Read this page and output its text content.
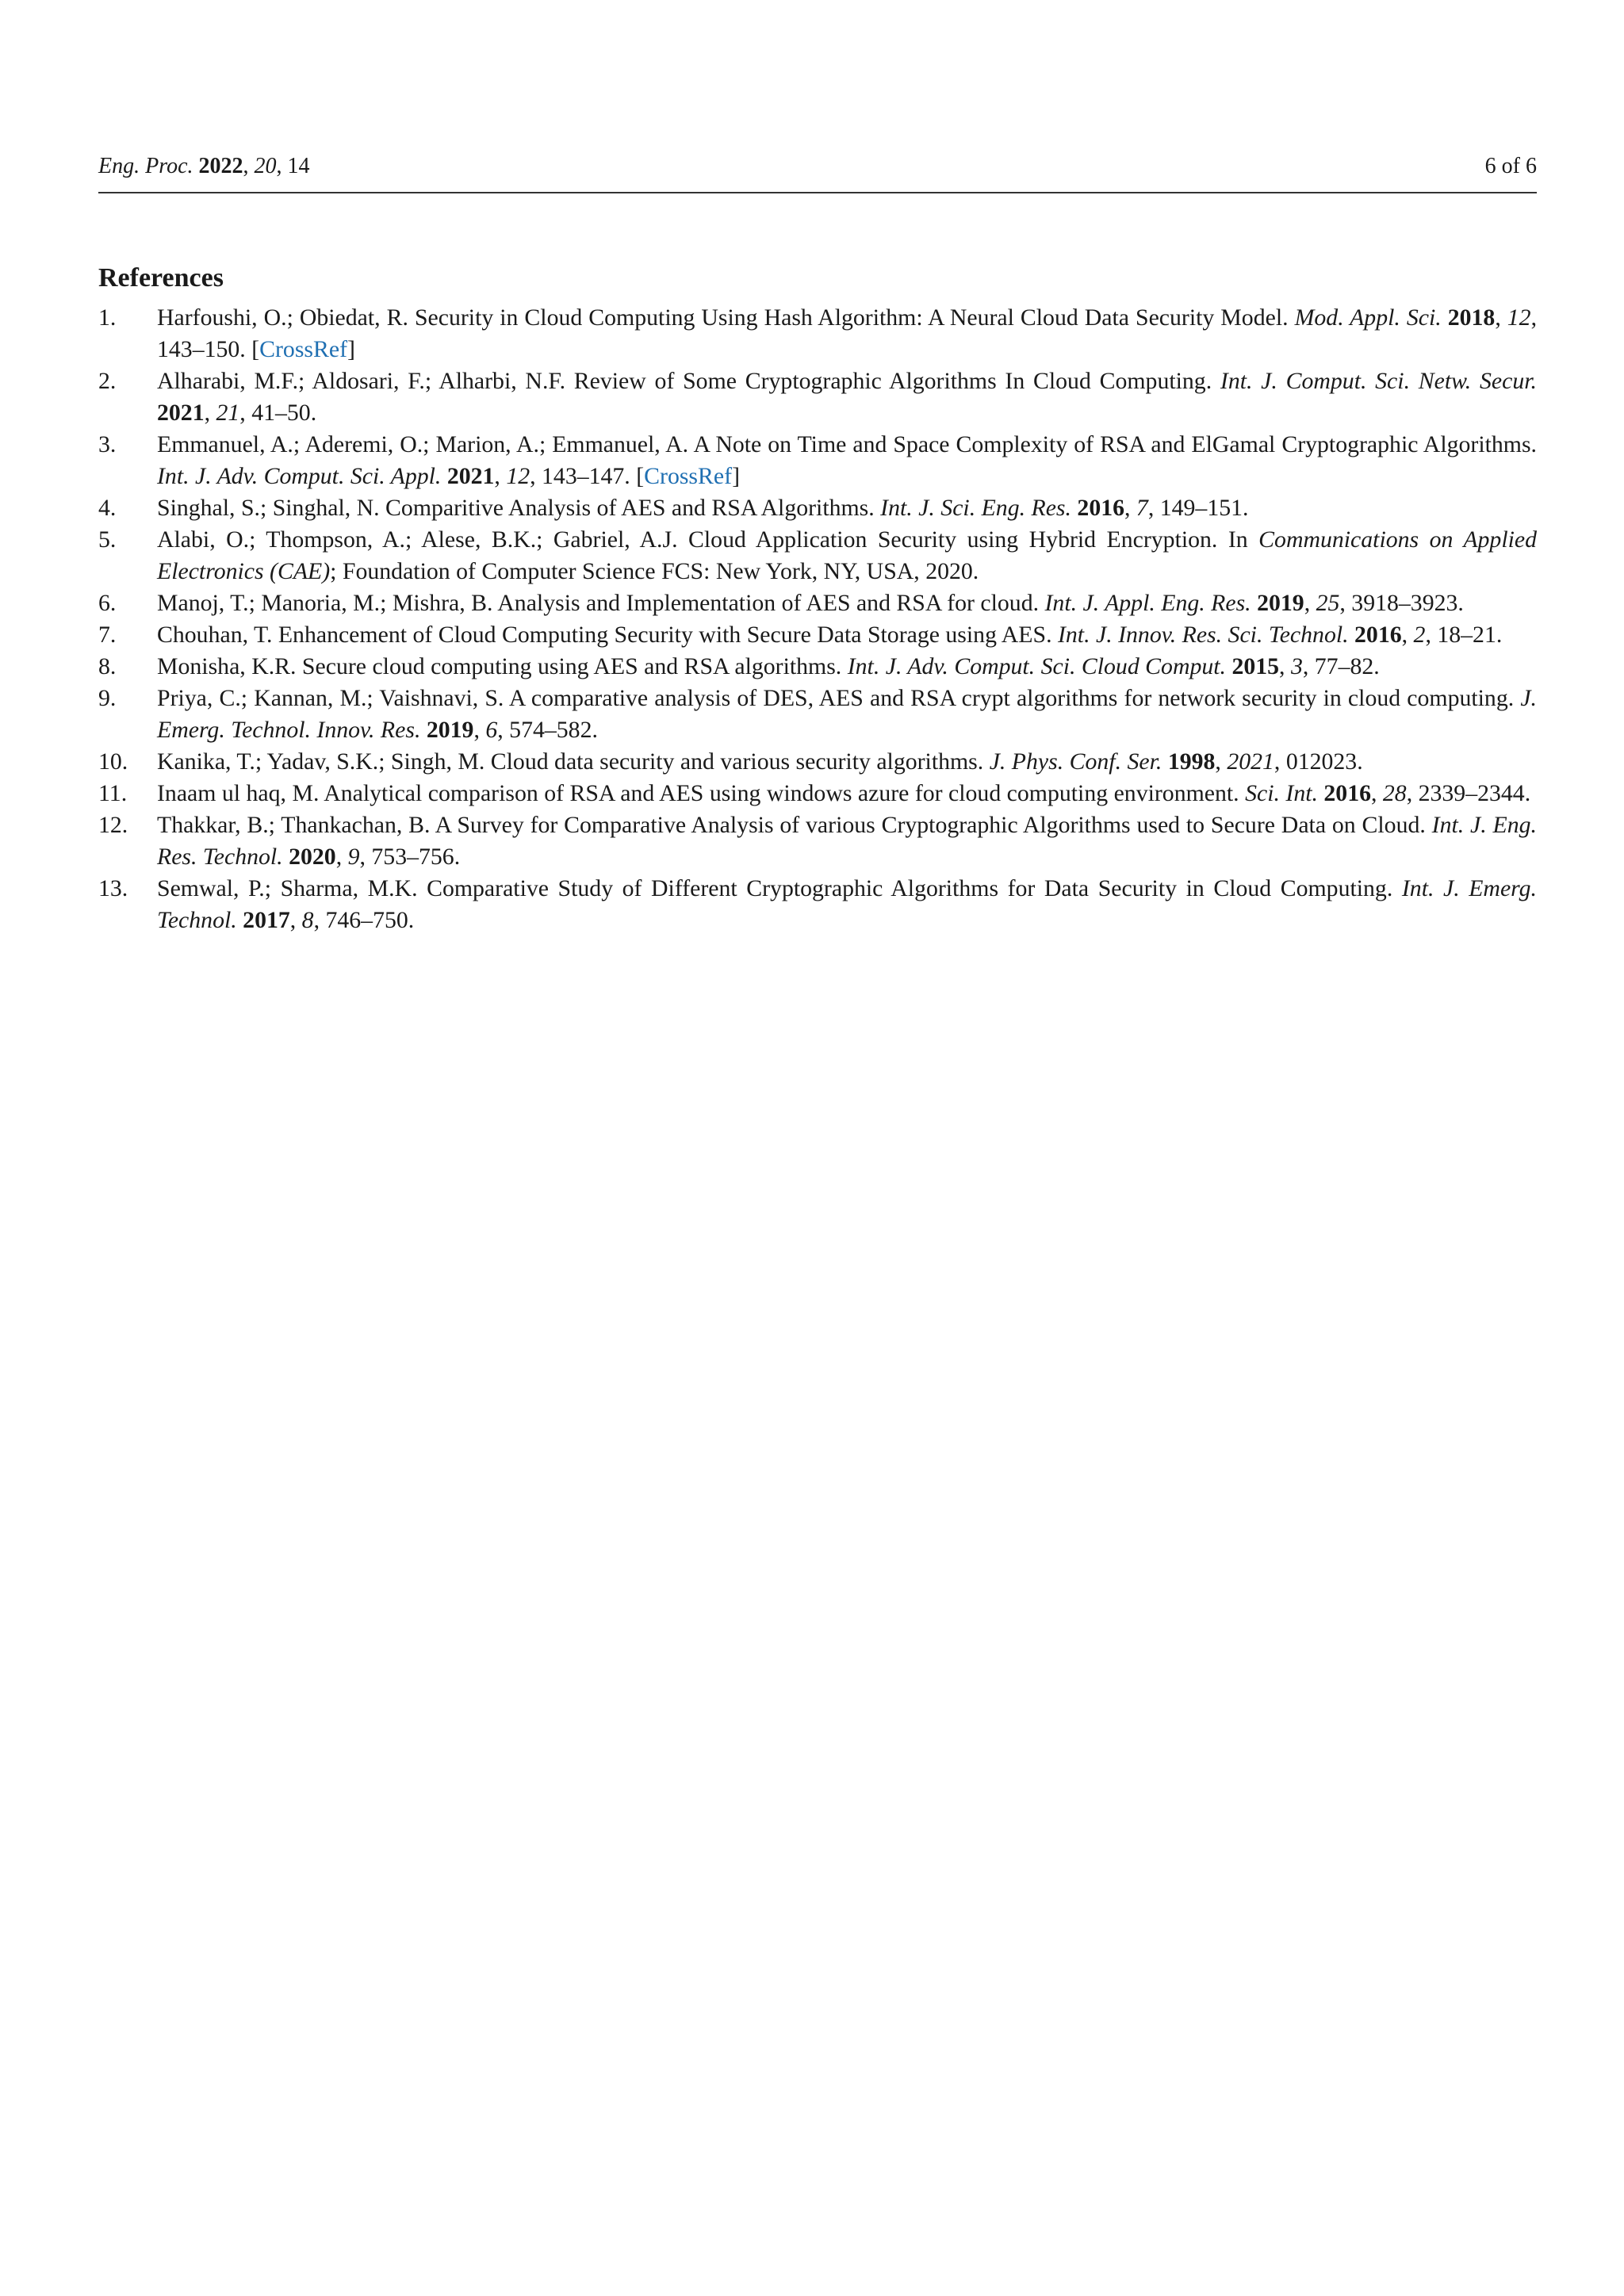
Eng. Proc. 2022, 20, 14	6 of 6
References
1. Harfoushi, O.; Obiedat, R. Security in Cloud Computing Using Hash Algorithm: A Neural Cloud Data Security Model. Mod. Appl. Sci. 2018, 12, 143–150. [CrossRef]
2. Alharabi, M.F.; Aldosari, F.; Alharbi, N.F. Review of Some Cryptographic Algorithms In Cloud Computing. Int. J. Comput. Sci. Netw. Secur. 2021, 21, 41–50.
3. Emmanuel, A.; Aderemi, O.; Marion, A.; Emmanuel, A. A Note on Time and Space Complexity of RSA and ElGamal Cryptographic Algorithms. Int. J. Adv. Comput. Sci. Appl. 2021, 12, 143–147. [CrossRef]
4. Singhal, S.; Singhal, N. Comparitive Analysis of AES and RSA Algorithms. Int. J. Sci. Eng. Res. 2016, 7, 149–151.
5. Alabi, O.; Thompson, A.; Alese, B.K.; Gabriel, A.J. Cloud Application Security using Hybrid Encryption. In Communications on Applied Electronics (CAE); Foundation of Computer Science FCS: New York, NY, USA, 2020.
6. Manoj, T.; Manoria, M.; Mishra, B. Analysis and Implementation of AES and RSA for cloud. Int. J. Appl. Eng. Res. 2019, 25, 3918–3923.
7. Chouhan, T. Enhancement of Cloud Computing Security with Secure Data Storage using AES. Int. J. Innov. Res. Sci. Technol. 2016, 2, 18–21.
8. Monisha, K.R. Secure cloud computing using AES and RSA algorithms. Int. J. Adv. Comput. Sci. Cloud Comput. 2015, 3, 77–82.
9. Priya, C.; Kannan, M.; Vaishnavi, S. A comparative analysis of DES, AES and RSA crypt algorithms for network security in cloud computing. J. Emerg. Technol. Innov. Res. 2019, 6, 574–582.
10. Kanika, T.; Yadav, S.K.; Singh, M. Cloud data security and various security algorithms. J. Phys. Conf. Ser. 1998, 2021, 012023.
11. Inaam ul haq, M. Analytical comparison of RSA and AES using windows azure for cloud computing environment. Sci. Int. 2016, 28, 2339–2344.
12. Thakkar, B.; Thankachan, B. A Survey for Comparative Analysis of various Cryptographic Algorithms used to Secure Data on Cloud. Int. J. Eng. Res. Technol. 2020, 9, 753–756.
13. Semwal, P.; Sharma, M.K. Comparative Study of Different Cryptographic Algorithms for Data Security in Cloud Computing. Int. J. Emerg. Technol. 2017, 8, 746–750.
